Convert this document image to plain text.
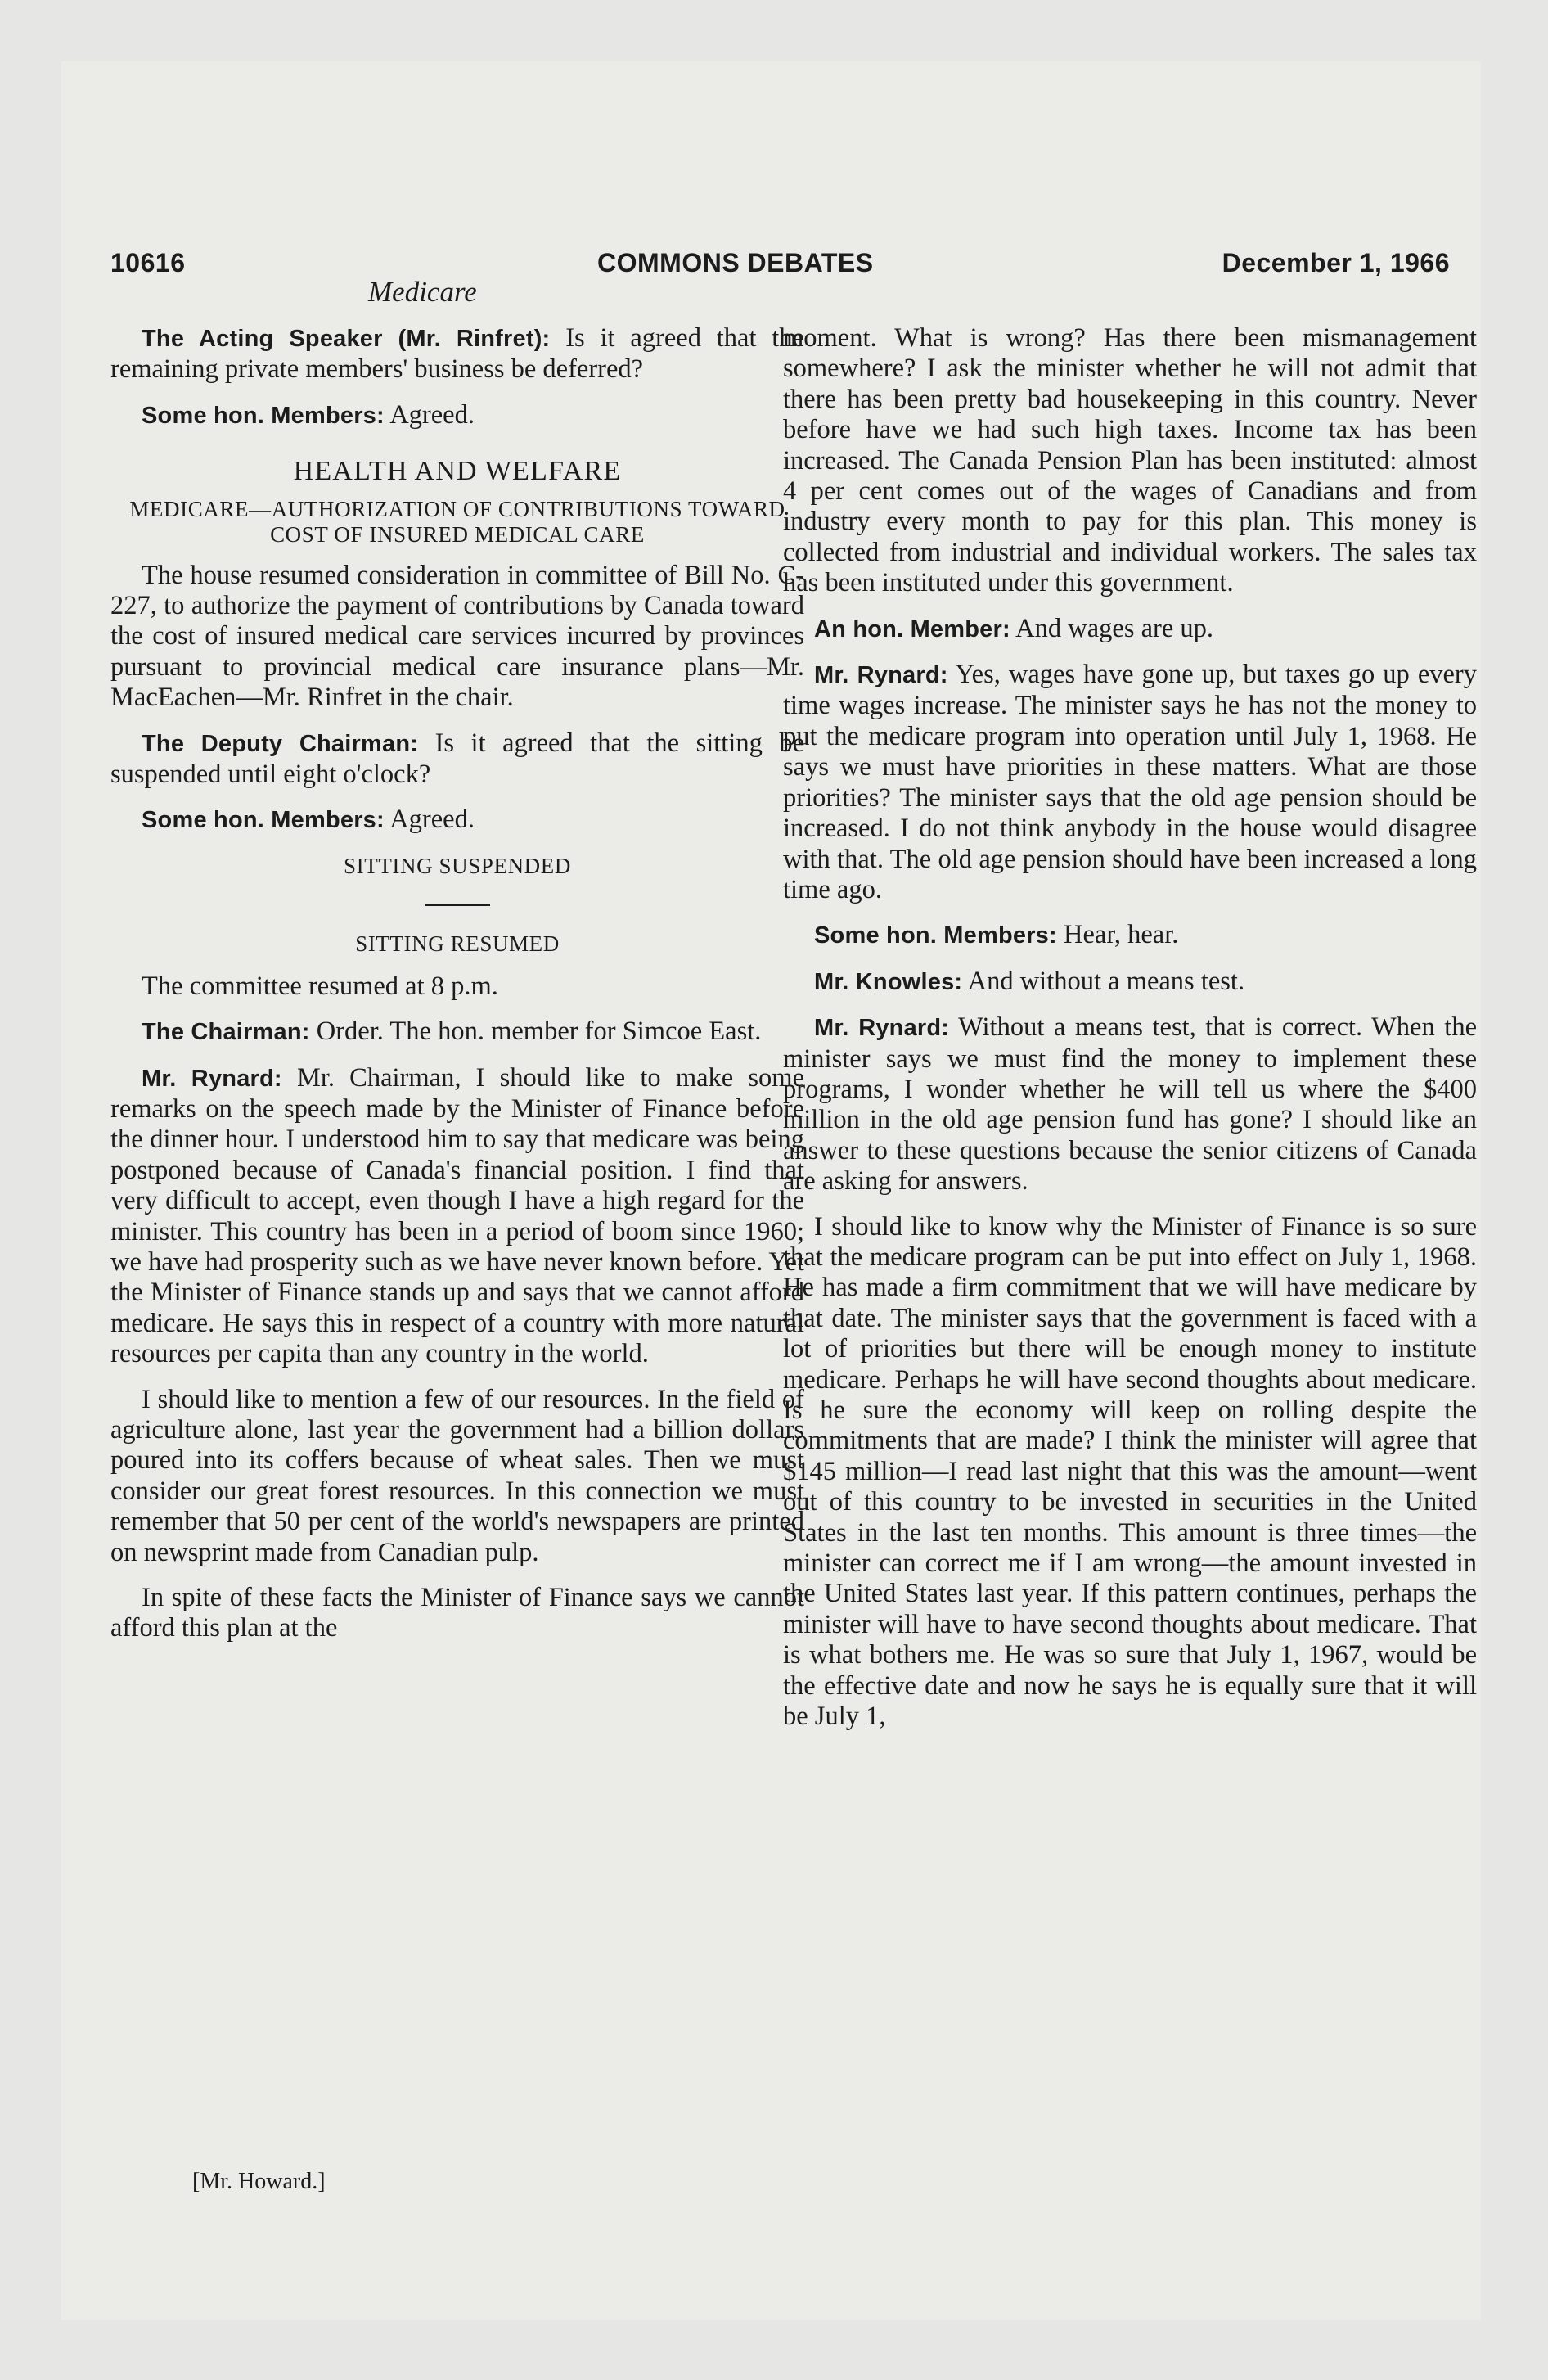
10616	COMMONS DEBATES	December 1, 1966
Medicare

The Acting Speaker (Mr. Rinfret): Is it agreed that the remaining private members' business be deferred?

Some hon. Members: Agreed.

HEALTH AND WELFARE
MEDICARE—AUTHORIZATION OF CONTRIBUTIONS TOWARD COST OF INSURED MEDICAL CARE

The house resumed consideration in committee of Bill No. C-227, to authorize the payment of contributions by Canada toward the cost of insured medical care services incurred by provinces pursuant to provincial medical care insurance plans—Mr. MacEachen—Mr. Rinfret in the chair.

The Deputy Chairman: Is it agreed that the sitting be suspended until eight o'clock?

Some hon. Members: Agreed.

SITTING SUSPENDED
SITTING RESUMED

The committee resumed at 8 p.m.

The Chairman: Order. The hon. member for Simcoe East.

Mr. Rynard: Mr. Chairman, I should like to make some remarks on the speech made by the Minister of Finance before the dinner hour. I understood him to say that medicare was being postponed because of Canada's financial position. I find that very difficult to accept, even though I have a high regard for the minister. This country has been in a period of boom since 1960; we have had prosperity such as we have never known before. Yet the Minister of Finance stands up and says that we cannot afford medicare. He says this in respect of a country with more natural resources per capita than any country in the world.

I should like to mention a few of our resources. In the field of agriculture alone, last year the government had a billion dollars poured into its coffers because of wheat sales. Then we must consider our great forest resources. In this connection we must remember that 50 per cent of the world's newspapers are printed on newsprint made from Canadian pulp.

In spite of these facts the Minister of Finance says we cannot afford this plan at the

moment. What is wrong? Has there been mismanagement somewhere? I ask the minister whether he will not admit that there has been pretty bad housekeeping in this country. Never before have we had such high taxes. Income tax has been increased. The Canada Pension Plan has been instituted: almost 4 per cent comes out of the wages of Canadians and from industry every month to pay for this plan. This money is collected from industrial and individual workers. The sales tax has been instituted under this government.

An hon. Member: And wages are up.

Mr. Rynard: Yes, wages have gone up, but taxes go up every time wages increase. The minister says he has not the money to put the medicare program into operation until July 1, 1968. He says we must have priorities in these matters. What are those priorities? The minister says that the old age pension should be increased. I do not think anybody in the house would disagree with that. The old age pension should have been increased a long time ago.

Some hon. Members: Hear, hear.

Mr. Knowles: And without a means test.

Mr. Rynard: Without a means test, that is correct. When the minister says we must find the money to implement these programs, I wonder whether he will tell us where the $400 million in the old age pension fund has gone? I should like an answer to these questions because the senior citizens of Canada are asking for answers.

I should like to know why the Minister of Finance is so sure that the medicare program can be put into effect on July 1, 1968. He has made a firm commitment that we will have medicare by that date. The minister says that the government is faced with a lot of priorities but there will be enough money to institute medicare. Perhaps he will have second thoughts about medicare. Is he sure the economy will keep on rolling despite the commitments that are made? I think the minister will agree that $145 million—I read last night that this was the amount—went out of this country to be invested in securities in the United States in the last ten months. This amount is three times—the minister can correct me if I am wrong—the amount invested in the United States last year. If this pattern continues, perhaps the minister will have to have second thoughts about medicare. That is what bothers me. He was so sure that July 1, 1967, would be the effective date and now he says he is equally sure that it will be July 1,

[Mr. Howard.]
